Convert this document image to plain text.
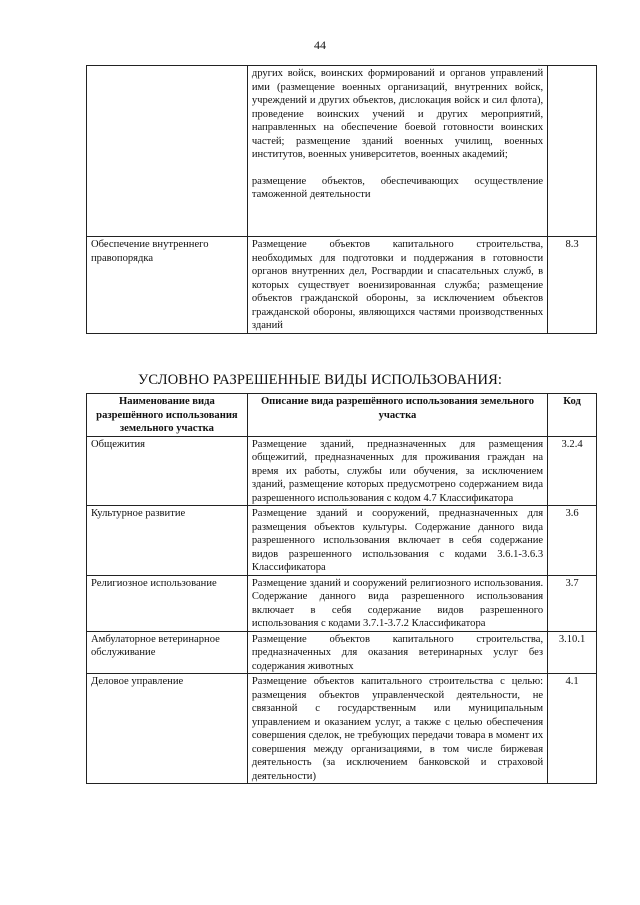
44
	других войск, воинских формирований и органов управлений ими (размещение военных организаций, внутренних войск, учреждений и других объектов, дислокация войск и сил флота), проведение воинских учений и других мероприятий, направленных на обеспечение боевой готовности воинских частей; размещение зданий военных училищ, военных институтов, военных университетов, военных академий;
размещение объектов, обеспечивающих осуществление таможенной деятельности	
Обеспечение внутреннего правопорядка	Размещение объектов капитального строительства, необходимых для подготовки и поддержания в готовности органов внутренних дел, Росгвардии и спасательных служб, в которых существует военизированная служба; размещение объектов гражданской обороны, за исключением объектов гражданской обороны, являющихся частями производственных зданий	8.3
УСЛОВНО РАЗРЕШЕННЫЕ ВИДЫ ИСПОЛЬЗОВАНИЯ:
Наименование вида разрешённого использования земельного участка	Описание вида разрешённого использования земельного участка	Код
Общежития	Размещение зданий, предназначенных для размещения общежитий, предназначенных для проживания граждан на время их работы, службы или обучения, за исключением зданий, размещение которых предусмотрено содержанием вида разрешенного использования с кодом 4.7 Классификатора	3.2.4
Культурное развитие	Размещение зданий и сооружений, предназначенных для размещения объектов культуры. Содержание данного вида разрешенного использования включает в себя содержание видов разрешенного использования с кодами 3.6.1-3.6.3 Классификатора	3.6
Религиозное использование	Размещение зданий и сооружений религиозного использования. Содержание данного вида разрешенного использования включает в себя содержание видов разрешенного использования с кодами 3.7.1-3.7.2 Классификатора	3.7
Амбулаторное ветеринарное обслуживание	Размещение объектов капитального строительства, предназначенных для оказания ветеринарных услуг без содержания животных	3.10.1
Деловое управление	Размещение объектов капитального строительства с целью: размещения объектов управленческой деятельности, не связанной с государственным или муниципальным управлением и оказанием услуг, а также с целью обеспечения совершения сделок, не требующих передачи товара в момент их совершения между организациями, в том числе биржевая деятельность (за исключением банковской и страховой деятельности)	4.1
